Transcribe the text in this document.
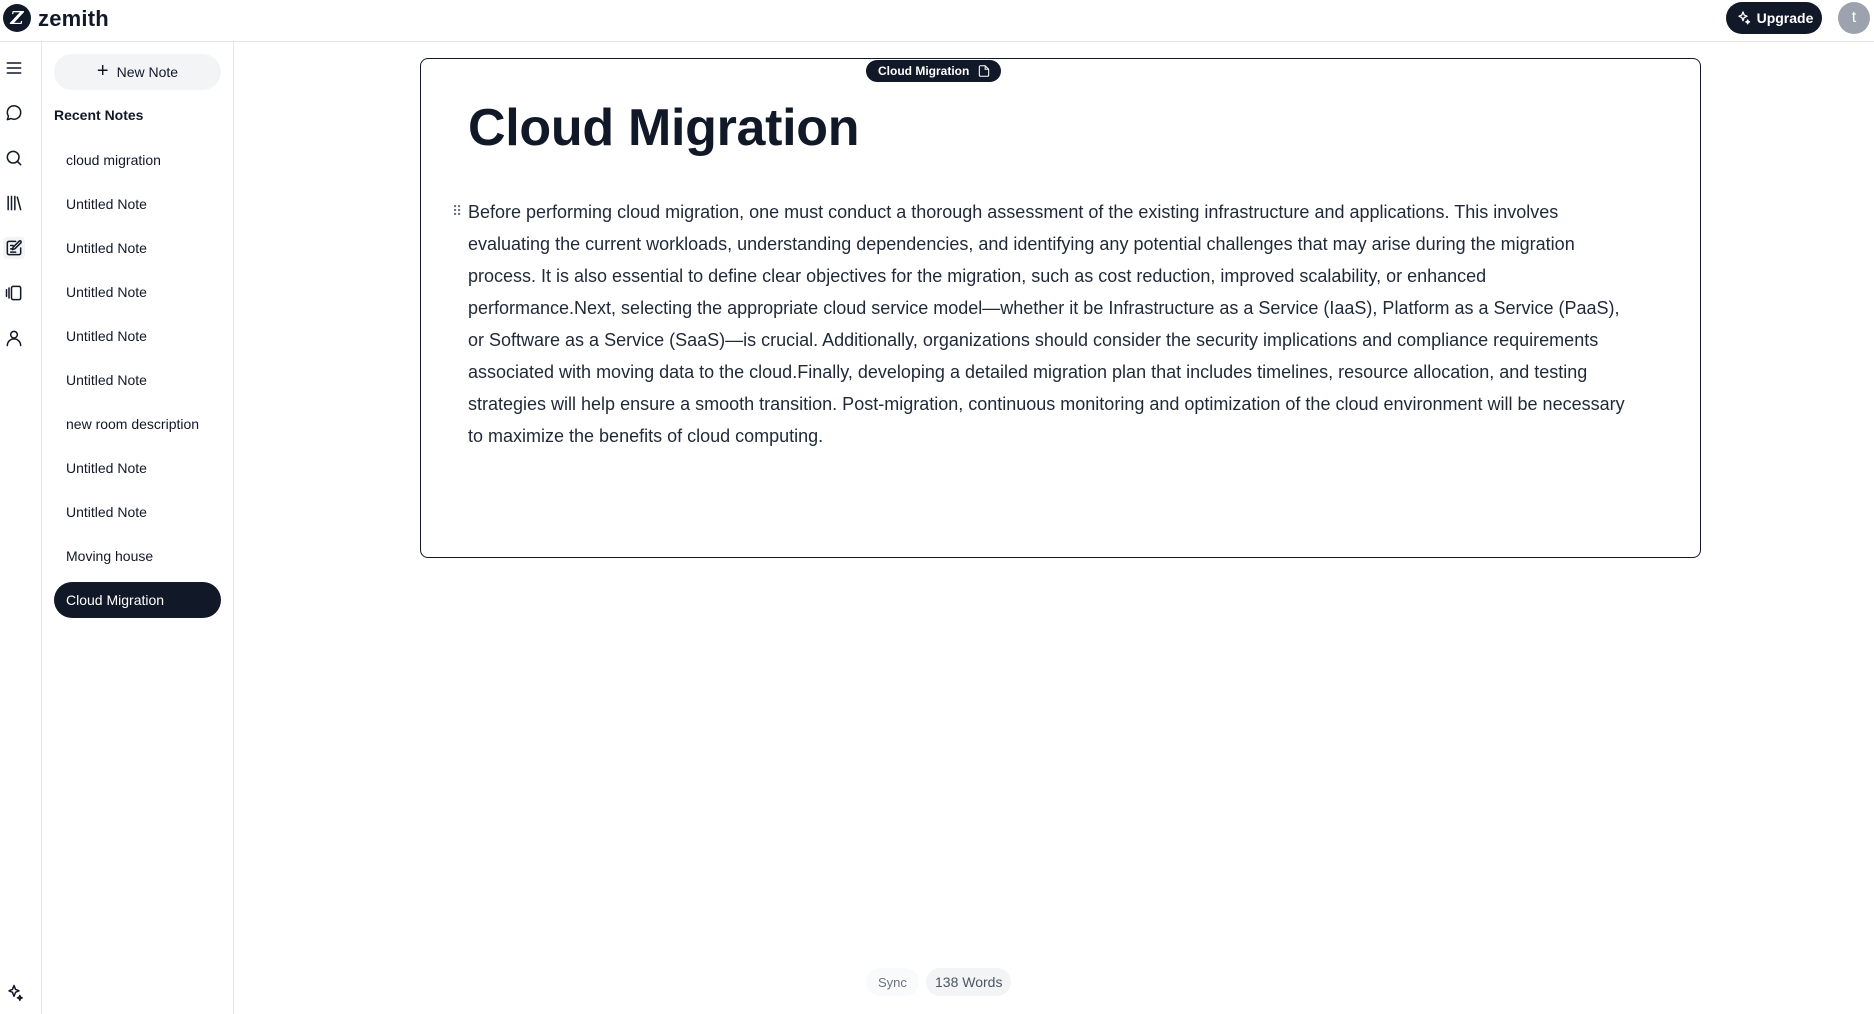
Z zemith	Upgrade	t
+ New Note
Recent Notes
cloud migration
Untitled Note
Untitled Note
Untitled Note
Untitled Note
Untitled Note
new room description
Untitled Note
Untitled Note
Moving house
Cloud Migration
Cloud Migration
Cloud Migration
⠿ Before performing cloud migration, one must conduct a thorough assessment of the existing infrastructure and applications. This involves evaluating the current workloads, understanding dependencies, and identifying any potential challenges that may arise during the migration process. It is also essential to define clear objectives for the migration, such as cost reduction, improved scalability, or enhanced performance.Next, selecting the appropriate cloud service model—whether it be Infrastructure as a Service (IaaS), Platform as a Service (PaaS), or Software as a Service (SaaS)—is crucial. Additionally, organizations should consider the security implications and compliance requirements associated with moving data to the cloud.Finally, developing a detailed migration plan that includes timelines, resource allocation, and testing strategies will help ensure a smooth transition. Post-migration, continuous monitoring and optimization of the cloud environment will be necessary to maximize the benefits of cloud computing.
Sync	138 Words
